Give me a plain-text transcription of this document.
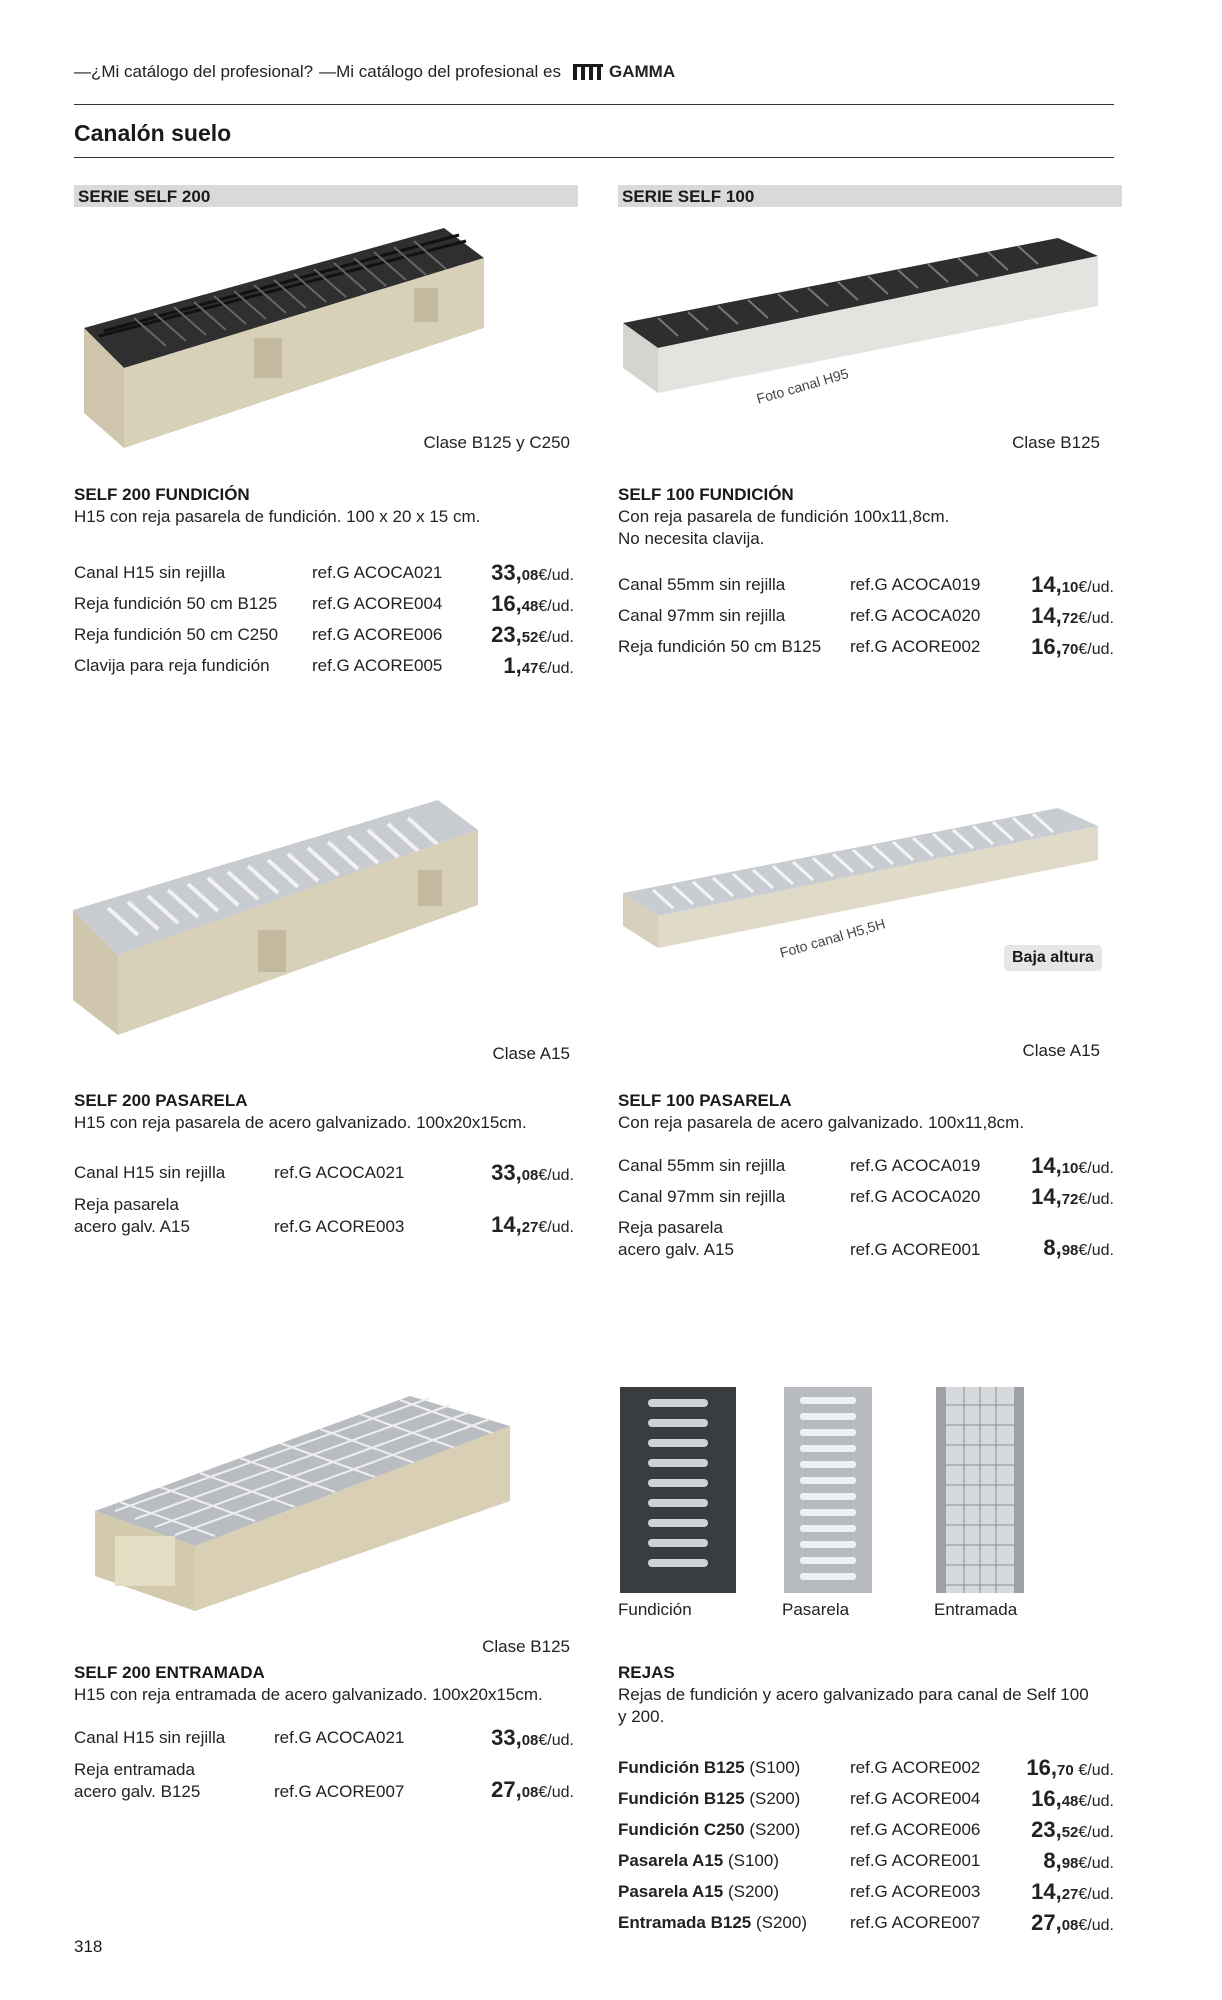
—¿Mi catálogo del profesional? —Mi catálogo del profesional es	GAMMA
Canalón suelo
SERIE SELF 200	SERIE SELF 100
Clase B125 y C250
SELF 200 FUNDICIÓN
H15 con reja pasarela de fundición. 100 x 20 x 15 cm.
Canal H15 sin rejilla	ref.G ACOCA021 33,08€/ud.
Reja fundición 50 cm B125 ref.G ACORE004 16,48€/ud.
Reja fundición 50 cm C250 ref.G ACORE006 23,52€/ud.
Clavija para reja fundición ref.G ACORE005	1,47€/ud.
Foto canal H95
Clase B125
SELF 100 FUNDICIÓN
Con reja pasarela de fundición 100x11,8cm.
No necesita clavija.
Canal 55mm sin rejilla	ref.G ACOCA019 14,10€/ud.
Canal 97mm sin rejilla	ref.G ACOCA020 14,72€/ud.
Reja fundición 50 cm B125 ref.G ACORE002 16,70€/ud.
Clase A15
SELF 200 PASARELA
H15 con reja pasarela de acero galvanizado. 100x20x15cm.
Canal H15 sin rejilla	ref.G ACOCA021	33,08€/ud.
Reja pasarela
acero galv. A15	ref.G ACORE003	14,27€/ud.
Foto canal H5,5H	Baja altura
Clase A15
SELF 100 PASARELA
Con reja pasarela de acero galvanizado. 100x11,8cm.
Canal 55mm sin rejilla	ref.G ACOCA019 14,10€/ud.
Canal 97mm sin rejilla	ref.G ACOCA020 14,72€/ud.
Reja pasarela
acero galv. A15	ref.G ACORE001	8,98€/ud.
Clase B125
SELF 200 ENTRAMADA
H15 con reja entramada de acero galvanizado. 100x20x15cm.
Canal H15 sin rejilla	ref.G ACOCA021	33,08€/ud.
Reja entramada
acero galv. B125	ref.G ACORE007	27,08€/ud.
Fundición	Pasarela	Entramada
REJAS
Rejas de fundición y acero galvanizado para canal de Self 100
y 200.
Fundición B125 (S100)	ref.G ACORE002 16,70 €/ud.
Fundición B125 (S200)	ref.G ACORE004 16,48€/ud.
Fundición C250 (S200)	ref.G ACORE006 23,52€/ud.
Pasarela A15 (S100)	ref.G ACORE001	8,98€/ud.
Pasarela A15 (S200)	ref.G ACORE003 14,27€/ud.
Entramada B125 (S200)	ref.G ACORE007 27,08€/ud.
318
